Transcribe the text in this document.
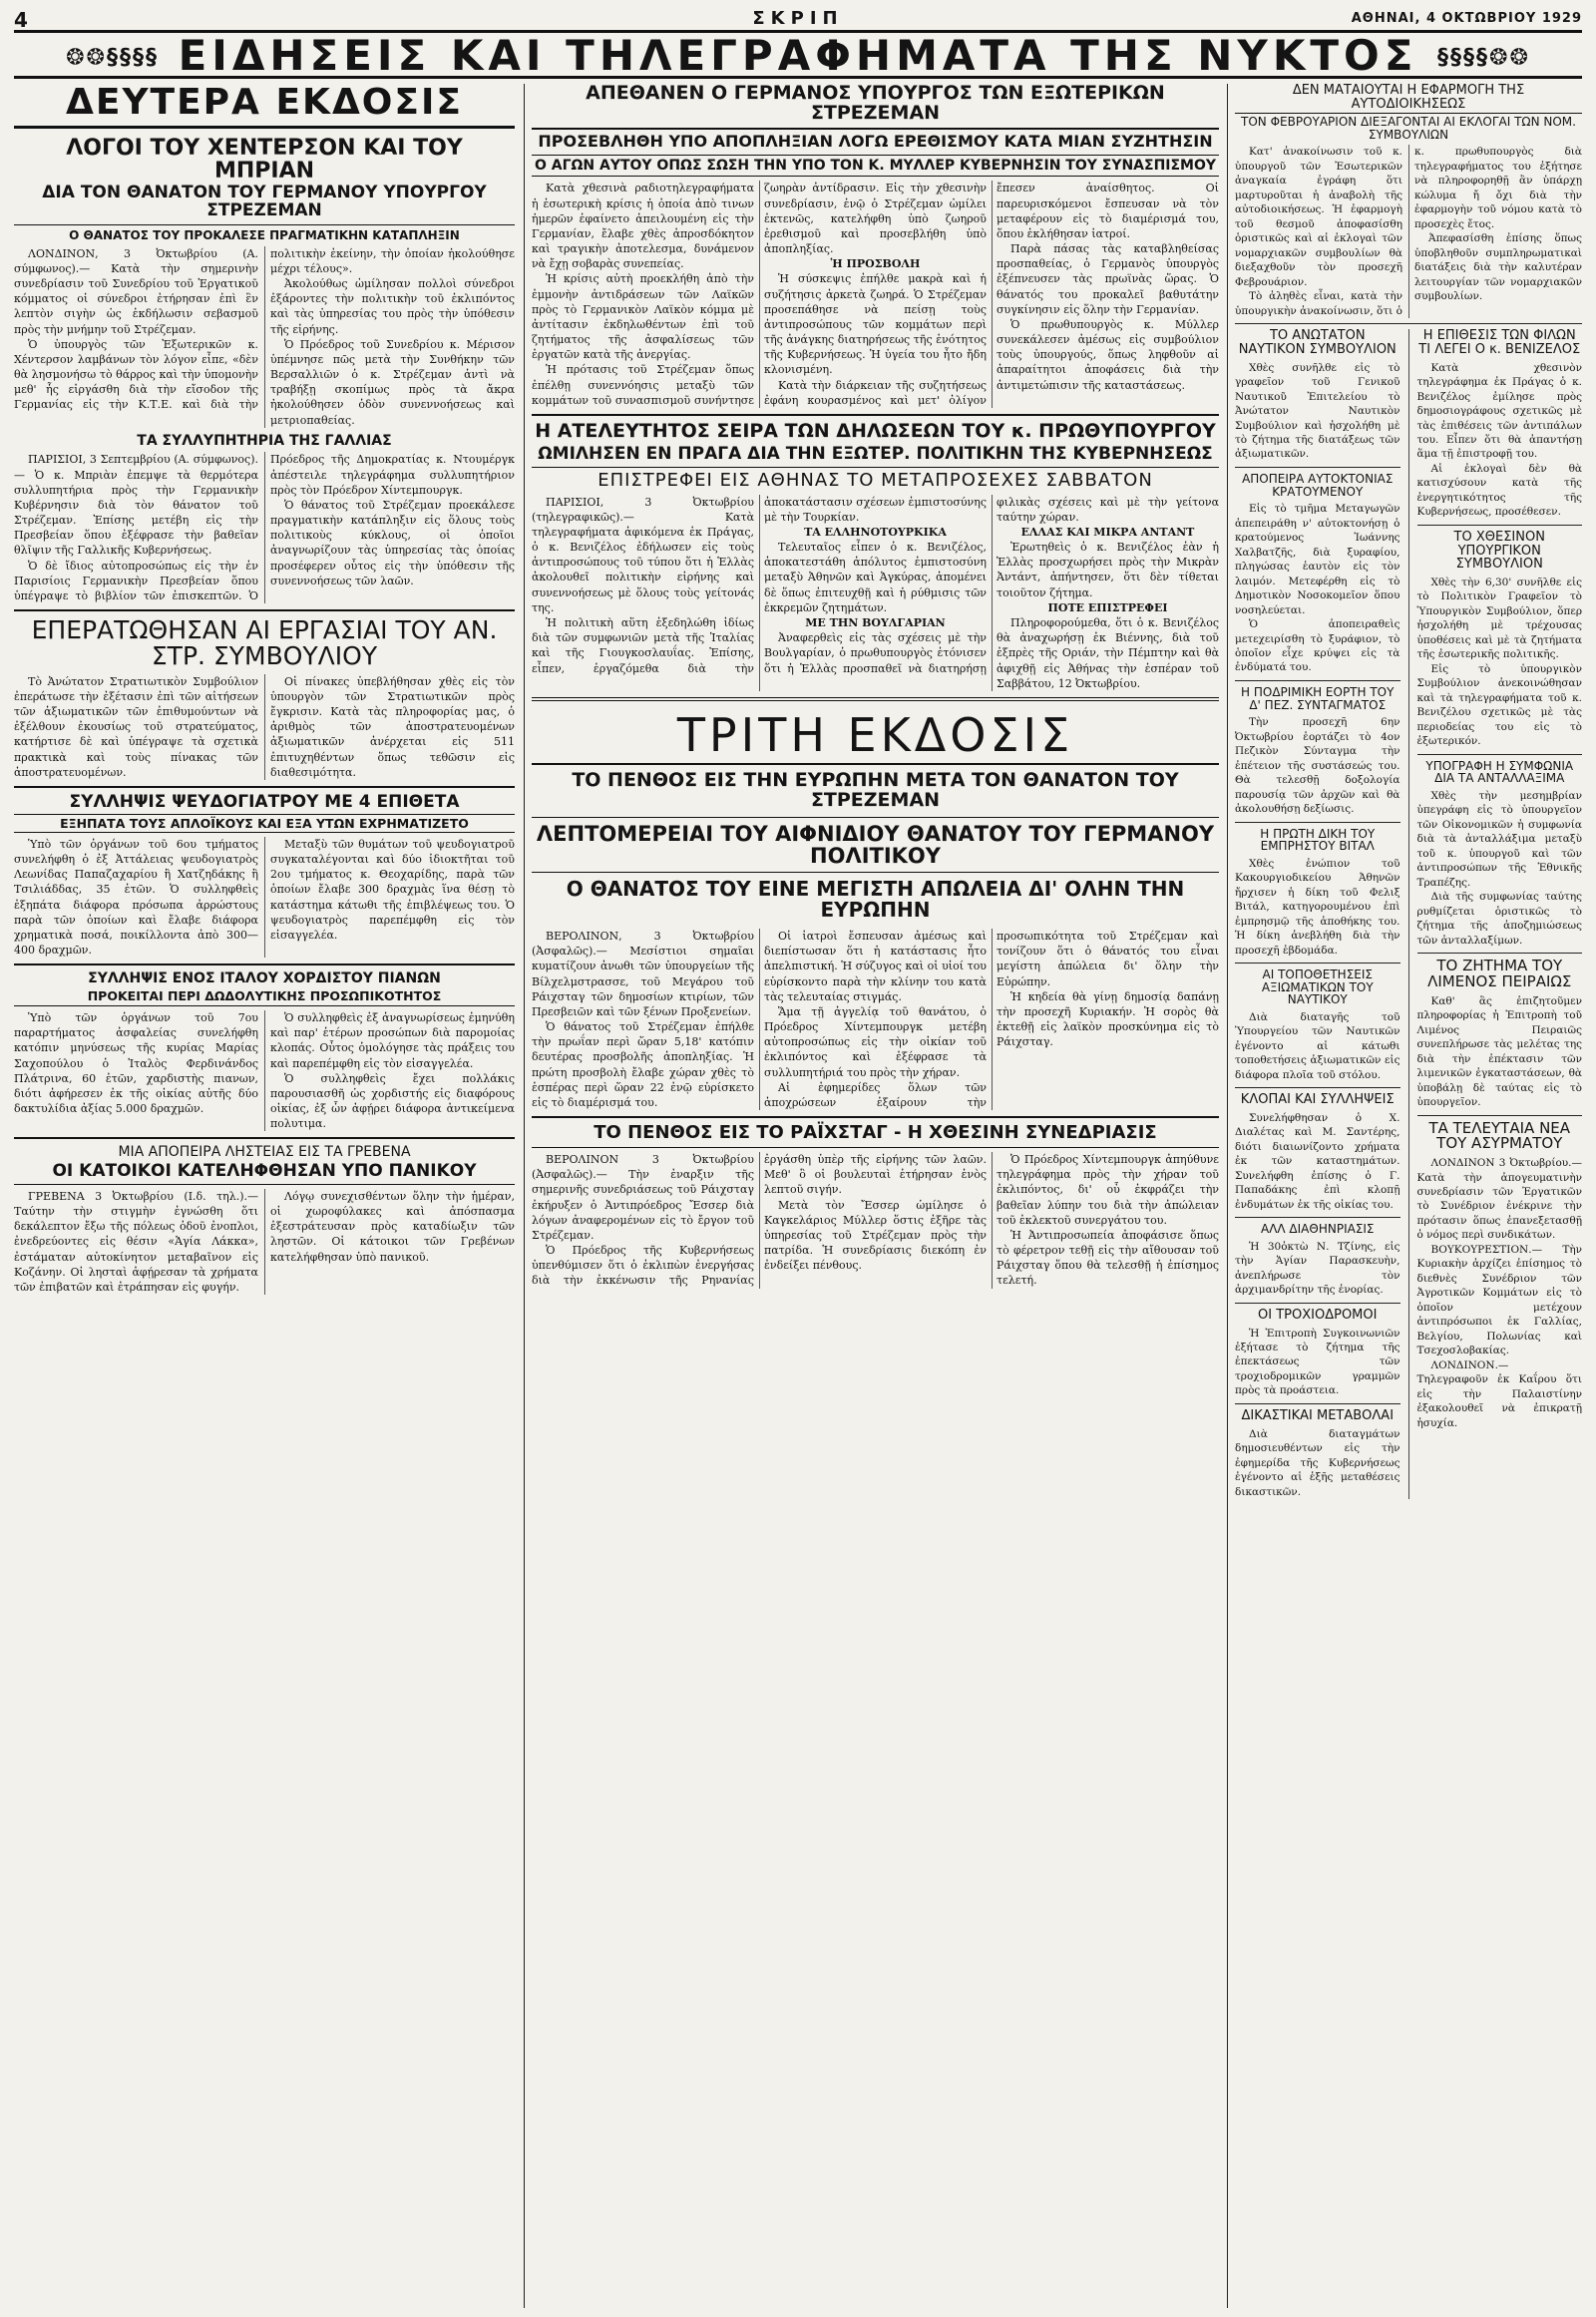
4	ΣΚΡΙΠ	ΑΘΗΝΑΙ, 4 ΟΚΤΩΒΡΙΟΥ 1929
❂❂§§§§ ΕΙΔΗΣΕΙΣ ΚΑΙ ΤΗΛΕΓΡΑΦΗΜΑΤΑ ΤΗΣ ΝΥΚΤΟΣ §§§§❂❂
ΔΕΥΤΕΡΑ ΕΚΔΟΣΙΣ
ΛΟΓΟΙ ΤΟΥ ΧΕΝΤΕΡΣΟΝ ΚΑΙ ΤΟΥ ΜΠΡΙΑΝ
ΔΙΑ ΤΟΝ ΘΑΝΑΤΟΝ ΤΟΥ ΓΕΡΜΑΝΟΥ ΥΠΟΥΡΓΟΥ ΣΤΡΕΖΕΜΑΝ
Ο ΘΑΝΑΤΟΣ ΤΟΥ ΠΡΟΚΑΛΕΣΕ ΠΡΑΓΜΑΤΙΚΗΝ ΚΑΤΑΠΛΗΞΙΝ

ΛΟΝΔΙΝΟΝ, 3 Ὀκτωβρίου (Α. σύμφωνος).— Κατὰ τὴν σημερινὴν συνεδρίασιν τοῦ Συνεδρίου τοῦ Ἐργατικοῦ κόμματος οἱ σύνεδροι ἐτήρησαν ἐπὶ ἓν λεπτὸν σιγὴν ὡς ἐκδήλωσιν σεβασμοῦ πρὸς τὴν μνήμην τοῦ Στρέζεμαν.

Ὁ ὑπουργὸς τῶν Ἐξωτερικῶν κ. Χέντερσον λαμβάνων τὸν λόγον εἶπε, «δὲν θὰ λησμονήσω τὸ θάρρος καὶ τὴν ὑπομονὴν μεθ' ἧς εἰργάσθη διὰ τὴν εἴσοδον τῆς Γερμανίας εἰς τὴν Κ.Τ.Ε. καὶ διὰ τὴν πολιτικὴν ἐκείνην, τὴν ὁποίαν ἠκολούθησε μέχρι τέλους».

Ἀκολούθως ὡμίλησαν πολλοὶ σύνεδροι ἐξάροντες τὴν πολιτικὴν τοῦ ἐκλιπόντος καὶ τὰς ὑπηρεσίας του πρὸς τὴν ὑπόθεσιν τῆς εἰρήνης.

Ὁ Πρόεδρος τοῦ Συνεδρίου κ. Μέρισον ὑπέμνησε πῶς μετὰ τὴν Συνθήκην τῶν Βερσαλλιῶν ὁ κ. Στρέζεμαν ἀντὶ νὰ τραβήξῃ σκοπίμως πρὸς τὰ ἄκρα ἠκολούθησεν ὁδὸν συνεννοήσεως καὶ μετριοπαθείας.

ΤΑ ΣΥΛΛΥΠΗΤΗΡΙΑ ΤΗΣ ΓΑΛΛΙΑΣ

ΠΑΡΙΣΙΟΙ, 3 Σεπτεμβρίου (Α. σύμφωνος).— Ὁ κ. Μπριὰν ἐπεμψε τὰ θερμότερα συλλυπητήρια πρὸς τὴν Γερμανικὴν Κυβέρνησιν διὰ τὸν θάνατον τοῦ Στρέζεμαν. Ἐπίσης μετέβη εἰς τὴν Πρεσβείαν ὅπου ἐξέφρασε τὴν βαθεῖαν θλῖψιν τῆς Γαλλικῆς Κυβερνήσεως.

Ὁ δὲ ἴδιος αὐτοπροσώπως εἰς τὴν ἐν Παρισίοις Γερμανικὴν Πρεσβείαν ὅπου ὑπέγραψε τὸ βιβλίον τῶν ἐπισκεπτῶν. Ὁ Πρόεδρος τῆς Δημοκρατίας κ. Ντουμέργκ ἀπέστειλε τηλεγράφημα συλλυπητήριον πρὸς τὸν Πρόεδρον Χίντεμπουργκ.

Ὁ θάνατος τοῦ Στρέζεμαν προεκάλεσε πραγματικὴν κατάπληξιν εἰς ὅλους τοὺς πολιτικοὺς κύκλους, οἱ ὁποῖοι ἀναγνωρίζουν τὰς ὑπηρεσίας τὰς ὁποίας προσέφερεν οὗτος εἰς τὴν ὑπόθεσιν τῆς συνεννοήσεως τῶν λαῶν.

ΕΠΕΡΑΤΩΘΗΣΑΝ ΑΙ ΕΡΓΑΣΙΑΙ ΤΟΥ ΑΝ. ΣΤΡ. ΣΥΜΒΟΥΛΙΟΥ

Τὸ Ἀνώτατον Στρατιωτικὸν Συμβούλιον ἐπεράτωσε τὴν ἐξέτασιν ἐπὶ τῶν αἰτήσεων τῶν ἀξιωματικῶν τῶν ἐπιθυμούντων νὰ ἐξέλθουν ἐκουσίως τοῦ στρατεύματος, κατήρτισε δὲ καὶ ὑπέγραψε τὰ σχετικὰ πρακτικὰ καὶ τοὺς πίνακας τῶν ἀποστρατευομένων.

Οἱ πίνακες ὑπεβλήθησαν χθὲς εἰς τὸν ὑπουργὸν τῶν Στρατιωτικῶν πρὸς ἔγκρισιν. Κατὰ τὰς πληροφορίας μας, ὁ ἀριθμὸς τῶν ἀποστρατευομένων ἀξιωματικῶν ἀνέρχεται εἰς 511 ἐπιτυχηθέντων ὅπως τεθῶσιν εἰς διαθεσιμότητα.

ΣΥΛΛΗΨΙΣ ΨΕΥΔΟΓΙΑΤΡΟΥ ΜΕ 4 ΕΠΙΘΕΤΑ
ΕΞΗΠΑΤΑ ΤΟΥΣ ΑΠΛΟΪΚΟΥΣ ΚΑΙ ΕΞΑ ΥΤΩΝ ΕΧΡΗΜΑΤΙΖΕΤΟ

Ὑπὸ τῶν ὀργάνων τοῦ 6ου τμήματος συνελήφθη ὁ ἐξ Ἀττάλειας ψευδογιατρὸς Λεωνίδας Παπαζαχαρίου ἢ Χατζηδάκης ἢ Τσιλιάδδας, 35 ἐτῶν. Ὁ συλληφθεὶς ἐξηπάτα διάφορα πρόσωπα ἀρρώστους παρὰ τῶν ὁποίων καὶ ἔλαβε διάφορα χρηματικὰ ποσά, ποικίλλοντα ἀπὸ 300—400 δραχμῶν.

Μεταξὺ τῶν θυμάτων τοῦ ψευδογιατροῦ συγκαταλέγονται καὶ δύο ἰδιοκτῆται τοῦ 2ου τμήματος κ. Θεοχαρίδης, παρὰ τῶν ὁποίων ἔλαβε 300 δραχμὰς ἵνα θέσῃ τὸ κατάστημα κάτωθι τῆς ἐπιβλέψεως του. Ὁ ψευδογιατρὸς παρεπέμφθη εἰς τὸν εἰσαγγελέα.

ΣΥΛΛΗΨΙΣ ΕΝΟΣ ΙΤΑΛΟΥ ΧΟΡΔΙΣΤΟΥ ΠΙΑΝΩΝ
ΠΡΟΚΕΙΤΑΙ ΠΕΡΙ ΔΩΔΟΛΥΤΙΚΗΣ ΠΡΟΣΩΠΙΚΟΤΗΤΟΣ

Ὑπὸ τῶν ὀργάνων τοῦ 7ου παραρτήματος ἀσφαλείας συνελήφθη κατόπιν μηνύσεως τῆς κυρίας Μαρίας Σαχοπούλου ὁ Ἰταλὸς Φερδινάνδος Πλάτρινα, 60 ἐτῶν, χαρδιστὴς πιανων, διότι ἀφήρεσεν ἐκ τῆς οἰκίας αὐτῆς δύο δακτυλίδια ἀξίας 5.000 δραχμῶν.

Ὁ συλληφθεὶς ἐξ ἀναγνωρίσεως ἐμηνύθη καὶ παρ' ἑτέρων προσώπων διὰ παρομοίας κλοπάς. Οὗτος ὁμολόγησε τὰς πράξεις του καὶ παρεπέμφθη εἰς τὸν εἰσαγγελέα.

Ὁ συλληφθεὶς ἔχει πολλάκις παρουσιασθῆ ὡς χορδιστής εἰς διαφόρους οἰκίας, ἐξ ὧν ἀφῄρει διάφορα ἀντικείμενα πολυτιμα.

ΜΙΑ ΑΠΟΠΕΙΡΑ ΛΗΣΤΕΙΑΣ ΕΙΣ ΤΑ ΓΡΕΒΕΝΑ
ΟΙ ΚΑΤΟΙΚΟΙ ΚΑΤΕΛΗΦΘΗΣΑΝ ΥΠΟ ΠΑΝΙΚΟΥ

ΓΡΕΒΕΝΑ 3 Ὀκτωβρίου (Ι.δ. τηλ.).— Ταύτην τὴν στιγμὴν ἐγνώσθη ὅτι δεκάλεπτον ἔξω τῆς πόλεως ὁδοῦ ἐνοπλοι, ἐνεδρεύοντες εἰς θέσιν «Ἁγία Λάκκα», ἐστάματαν αὐτοκίνητον μεταβαῖνον εἰς Κοζάνην. Οἱ λησταὶ ἀφῄρεσαν τὰ χρήματα τῶν ἐπιβατῶν καὶ ἐτράπησαν εἰς φυγήν.

Λόγῳ συνεχισθέντων ὅλην τὴν ἡμέραν, οἱ χωροφύλακες καὶ ἀπόσπασμα ἐξεστράτευσαν πρὸς καταδίωξιν τῶν ληστῶν. Οἱ κάτοικοι τῶν Γρεβένων κατελήφθησαν ὑπὸ πανικοῦ.

ΑΠΕΘΑΝΕΝ Ο ΓΕΡΜΑΝΟΣ ΥΠΟΥΡΓΟΣ ΤΩΝ ΕΞΩΤΕΡΙΚΩΝ ΣΤΡΕΖΕΜΑΝ
ΠΡΟΣΕΒΛΗΘΗ ΥΠΟ ΑΠΟΠΛΗΞΙΑΝ ΛΟΓΩ ΕΡΕΘΙΣΜΟΥ ΚΑΤΑ ΜΙΑΝ ΣΥΖΗΤΗΣΙΝ
Ο ΑΓΩΝ ΑΥΤΟΥ ΟΠΩΣ ΣΩΣΗ ΤΗΝ ΥΠΟ ΤΟΝ Κ. ΜΥΛΛΕΡ ΚΥΒΕΡΝΗΣΙΝ ΤΟΥ ΣΥΝΑΣΠΙΣΜΟΥ

Κατὰ χθεσινὰ ραδιοτηλεγραφήματα ἡ ἐσωτερικὴ κρίσις ἡ ὁποία ἀπὸ τινων ἡμερῶν ἐφαίνετο ἀπειλουμένη εἰς τὴν Γερμανίαν, ἔλαβε χθὲς ἀπροσδόκητον καὶ τραγικὴν ἀποτελεσμα, δυνάμενον νὰ ἔχῃ σοβαρὰς συνεπείας.

Ἡ κρίσις αὐτὴ προεκλήθη ἀπὸ τὴν ἐμμονὴν ἀντιδράσεων τῶν Λαϊκῶν πρὸς τὸ Γερμανικὸν Λαϊκὸν κόμμα μὲ ἀντίτασιν ἐκδηλωθέντων ἐπὶ τοῦ ζητήματος τῆς ἀσφαλίσεως τῶν ἐργατῶν κατὰ τῆς ἀνεργίας.

Ἡ πρότασις τοῦ Στρέζεμαν ὅπως ἐπέλθῃ συνεννόησις μεταξὺ τῶν κομμάτων τοῦ συνασπισμοῦ συνήντησε ζωηρὰν ἀντίδρασιν. Εἰς τὴν χθεσινὴν συνεδρίασιν, ἐνῷ ὁ Στρέζεμαν ὡμίλει ἐκτενῶς, κατελήφθη ὑπὸ ζωηροῦ ἐρεθισμοῦ καὶ προσεβλήθη ὑπὸ ἀποπληξίας.

Ἡ ΠΡΟΣΒΟΛΗ

Ἡ σύσκεψις ἐπήλθε μακρὰ καὶ ἡ συζήτησις ἀρκετὰ ζωηρά. Ὁ Στρέζεμαν προσεπάθησε νὰ πείσῃ τοὺς ἀντιπροσώπους τῶν κομμάτων περὶ τῆς ἀνάγκης διατηρήσεως τῆς ἑνότητος τῆς Κυβερνήσεως. Ἡ ὑγεία του ἦτο ἤδη κλονισμένη.

Κατὰ τὴν διάρκειαν τῆς συζητήσεως ἐφάνη κουρασμένος καὶ μετ' ὀλίγον ἔπεσεν ἀναίσθητος. Οἱ παρευρισκόμενοι ἔσπευσαν νὰ τὸν μεταφέρουν εἰς τὸ διαμέρισμά του, ὅπου ἐκλήθησαν ἰατροί.

Παρὰ πάσας τὰς καταβληθείσας προσπαθείας, ὁ Γερμανὸς ὑπουργὸς ἐξέπνευσεν τὰς πρωϊνὰς ὥρας. Ὁ θάνατός του προκαλεῖ βαθυτάτην συγκίνησιν εἰς ὅλην τὴν Γερμανίαν.

Ὁ πρωθυπουργὸς κ. Μύλλερ συνεκάλεσεν ἀμέσως εἰς συμβούλιον τοὺς ὑπουργούς, ὅπως ληφθοῦν αἱ ἀπαραίτητοι ἀποφάσεις διὰ τὴν ἀντιμετώπισιν τῆς καταστάσεως.

Η ΑΤΕΛΕΥΤΗΤΟΣ ΣΕΙΡΑ ΤΩΝ ΔΗΛΩΣΕΩΝ ΤΟΥ κ. ΠΡΩΘΥΠΟΥΡΓΟΥ
ΩΜΙΛΗΣΕΝ ΕΝ ΠΡΑΓΑ ΔΙΑ ΤΗΝ ΕΞΩΤΕΡ. ΠΟΛΙΤΙΚΗΝ ΤΗΣ ΚΥΒΕΡΝΗΣΕΩΣ
ΕΠΙΣΤΡΕΦΕΙ ΕΙΣ ΑΘΗΝΑΣ ΤΟ ΜΕΤΑΠΡΟΣΕΧΕΣ ΣΑΒΒΑΤΟΝ

ΠΑΡΙΣΙΟΙ, 3 Ὀκτωβρίου (τηλεγραφικῶς).— Κατὰ τηλεγραφήματα ἀφικόμενα ἐκ Πράγας, ὁ κ. Βενιζέλος ἐδήλωσεν εἰς τοὺς ἀντιπροσώπους τοῦ τύπου ὅτι ἡ Ἑλλὰς ἀκολουθεῖ πολιτικὴν εἰρήνης καὶ συνεννοήσεως μὲ ὅλους τοὺς γείτονάς της.

Ἡ πολιτικὴ αὕτη ἐξεδηλώθη ἰδίως διὰ τῶν συμφωνιῶν μετὰ τῆς Ἰταλίας καὶ τῆς Γιουγκοσλαυΐας. Ἐπίσης, εἶπεν, ἐργαζόμεθα διὰ τὴν ἀποκατάστασιν σχέσεων ἐμπιστοσύνης μὲ τὴν Τουρκίαν.

ΤΑ ΕΛΛΗΝΟΤΟΥΡΚΙΚΑ

Τελευταῖος εἶπεν ὁ κ. Βενιζέλος, ἀποκατεστάθη ἀπόλυτος ἐμπιστοσύνη μεταξὺ Ἀθηνῶν καὶ Ἀγκύρας, ἀπομένει δὲ ὅπως ἐπιτευχθῇ καὶ ἡ ρύθμισις τῶν ἐκκρεμῶν ζητημάτων.

ΜΕ ΤΗΝ ΒΟΥΛΓΑΡΙΑΝ

Ἀναφερθεὶς εἰς τὰς σχέσεις μὲ τὴν Βουλγαρίαν, ὁ πρωθυπουργὸς ἐτόνισεν ὅτι ἡ Ἑλλὰς προσπαθεῖ νὰ διατηρήσῃ φιλικὰς σχέσεις καὶ μὲ τὴν γείτονα ταύτην χώραν.

ΕΛΛΑΣ ΚΑΙ ΜΙΚΡΑ ΑΝΤΑΝΤ

Ἐρωτηθεὶς ὁ κ. Βενιζέλος ἐὰν ἡ Ἑλλὰς προσχωρήσει πρὸς τὴν Μικρὰν Ἀντάντ, ἀπήντησεν, ὅτι δὲν τίθεται τοιοῦτον ζήτημα.

ΠΟΤΕ ΕΠΙΣΤΡΕΦΕΙ

Πληροφορούμεθα, ὅτι ὁ κ. Βενιζέλος θὰ ἀναχωρήσῃ ἐκ Βιέννης, διὰ τοῦ ἐξπρὲς τῆς Οριάν, τὴν Πέμπτην καὶ θὰ ἀφιχθῇ εἰς Ἀθήνας τὴν ἑσπέραν τοῦ Σαββάτου, 12 Ὀκτωβρίου.

ΤΡΙΤΗ ΕΚΔΟΣΙΣ
ΤΟ ΠΕΝΘΟΣ ΕΙΣ ΤΗΝ ΕΥΡΩΠΗΝ ΜΕΤΑ ΤΟΝ ΘΑΝΑΤΟΝ ΤΟΥ ΣΤΡΕΖΕΜΑΝ
ΛΕΠΤΟΜΕΡΕΙΑΙ ΤΟΥ ΑΙΦΝΙΔΙΟΥ ΘΑΝΑΤΟΥ ΤΟΥ ΓΕΡΜΑΝΟΥ ΠΟΛΙΤΙΚΟΥ
Ο ΘΑΝΑΤΟΣ ΤΟΥ ΕΙΝΕ ΜΕΓΙΣΤΗ ΑΠΩΛΕΙΑ ΔΙ' ΟΛΗΝ ΤΗΝ ΕΥΡΩΠΗΝ

ΒΕΡΟΛΙΝΟΝ, 3 Ὀκτωβρίου (Ἀσφαλῶς).— Μεσίστιοι σημαῖαι κυματίζουν ἀνωθι τῶν ὑπουργείων τῆς Βίλχελμστρασσε, τοῦ Μεγάρου τοῦ Ράιχσταγ τῶν δημοσίων κτιρίων, τῶν Πρεσβειῶν καὶ τῶν ξένων Προξενείων.

Ὁ θάνατος τοῦ Στρέζεμαν ἐπήλθε τὴν πρωΐαν περὶ ὥραν 5,18' κατόπιν δευτέρας προσβολῆς ἀποπληξίας. Ἡ πρώτη προσβολὴ ἔλαβε χώραν χθὲς τὸ ἑσπέρας περὶ ὥραν 22 ἐνῷ εὑρίσκετο εἰς τὸ διαμέρισμά του.

Οἱ ἰατροὶ ἔσπευσαν ἀμέσως καὶ διεπίστωσαν ὅτι ἡ κατάστασις ἦτο ἀπελπιστική. Ἡ σύζυγος καὶ οἱ υἱοί του εὑρίσκοντο παρὰ τὴν κλίνην του κατὰ τὰς τελευταίας στιγμάς.

Ἅμα τῇ ἀγγελίᾳ τοῦ θανάτου, ὁ Πρόεδρος Χίντεμπουργκ μετέβη αὐτοπροσώπως εἰς τὴν οἰκίαν τοῦ ἐκλιπόντος καὶ ἐξέφρασε τὰ συλλυπητήριά του πρὸς τὴν χήραν.

Αἱ ἐφημερίδες ὅλων τῶν ἀποχρώσεων ἐξαίρουν τὴν προσωπικότητα τοῦ Στρέζεμαν καὶ τονίζουν ὅτι ὁ θάνατός του εἶναι μεγίστη ἀπώλεια δι' ὅλην τὴν Εὐρώπην.

Ἡ κηδεία θὰ γίνῃ δημοσίᾳ δαπάνῃ τὴν προσεχῆ Κυριακήν. Ἡ σορὸς θὰ ἐκτεθῇ εἰς λαϊκὸν προσκύνημα εἰς τὸ Ράιχσταγ.

ΤΟ ΠΕΝΘΟΣ ΕΙΣ ΤΟ ΡΑΪΧΣΤΑΓ - Η ΧΘΕΣΙΝΗ ΣΥΝΕΔΡΙΑΣΙΣ

ΒΕΡΟΛΙΝΟΝ 3 Ὀκτωβρίου (Ἀσφαλῶς).— Τὴν ἐναρξιν τῆς σημερινῆς συνεδριάσεως τοῦ Ράιχσταγ ἐκήρυξεν ὁ Ἀντιπρόεδρος Ἔσσερ διὰ λόγων ἀναφερομένων εἰς τὸ ἔργον τοῦ Στρέζεμαν.

Ὁ Πρόεδρος τῆς Κυβερνήσεως ὑπενθύμισεν ὅτι ὁ ἐκλιπὼν ἐνεργήσας διὰ τὴν ἐκκένωσιν τῆς Ρηνανίας ἐργάσθη ὑπὲρ τῆς εἰρήνης τῶν λαῶν. Μεθ' ὃ οἱ βουλευταὶ ἐτήρησαν ἑνὸς λεπτοῦ σιγήν.

Μετὰ τὸν Ἔσσερ ὡμίλησε ὁ Καγκελάριος Μύλλερ ὅστις ἐξῆρε τὰς ὑπηρεσίας τοῦ Στρέζεμαν πρὸς τὴν πατρίδα. Ἡ συνεδρίασις διεκόπη ἐν ἐνδείξει πένθους.

Ὁ Πρόεδρος Χίντεμπουργκ ἀπηύθυνε τηλεγράφημα πρὸς τὴν χήραν τοῦ ἐκλιπόντος, δι' οὗ ἐκφράζει τὴν βαθεῖαν λύπην του διὰ τὴν ἀπώλειαν τοῦ ἐκλεκτοῦ συνεργάτου του.

Ἡ Ἀντιπροσωπεία ἀποφάσισε ὅπως τὸ φέρετρον τεθῇ εἰς τὴν αἴθουσαν τοῦ Ράιχσταγ ὅπου θὰ τελεσθῇ ἡ ἐπίσημος τελετή.

ΔΕΝ ΜΑΤΑΙΟΥΤΑΙ Η ΕΦΑΡΜΟΓΗ ΤΗΣ ΑΥΤΟΔΙΟΙΚΗΣΕΩΣ
ΤΟΝ ΦΕΒΡΟΥΑΡΙΟΝ ΔΙΕΞΑΓΟΝΤΑΙ ΑΙ ΕΚΛΟΓΑΙ ΤΩΝ ΝΟΜ. ΣΥΜΒΟΥΛΙΩΝ

Κατ' ἀνακοίνωσιν τοῦ κ. ὑπουργοῦ τῶν Ἐσωτερικῶν ἀναγκαία ἐγράφη ὅτι μαρτυροῦται ἡ ἀναβολὴ τῆς αὐτοδιοικήσεως. Ἡ ἐφαρμογὴ τοῦ θεσμοῦ ἀποφασίσθη ὁριστικῶς καὶ αἱ ἐκλογαὶ τῶν νομαρχιακῶν συμβουλίων θὰ διεξαχθοῦν τὸν προσεχῆ Φεβρουάριον.

Τὸ ἀληθὲς εἶναι, κατὰ τὴν ὑπουργικὴν ἀνακοίνωσιν, ὅτι ὁ κ. πρωθυπουργὸς διὰ τηλεγραφήματος του ἐξήτησε νὰ πληροφορηθῇ ἂν ὑπάρχῃ κώλυμα ἤ ὄχι διὰ τὴν ἐφαρμογὴν τοῦ νόμου κατὰ τὸ προσεχὲς ἔτος.

Ἀπεφασίσθη ἐπίσης ὅπως ὑποβληθοῦν συμπληρωματικαὶ διατάξεις διὰ τὴν καλυτέραν λειτουργίαν τῶν νομαρχιακῶν συμβουλίων.

ΤΟ ΑΝΩΤΑΤΟΝ ΝΑΥΤΙΚΟΝ ΣΥΜΒΟΥΛΙΟΝ

Χθὲς συνῆλθε εἰς τὸ γραφεῖον τοῦ Γενικοῦ Ναυτικοῦ Ἐπιτελείου τὸ Ἀνώτατον Ναυτικὸν Συμβούλιον καὶ ἠσχολήθη μὲ τὸ ζήτημα τῆς διατάξεως τῶν ἀξιωματικῶν.

ΑΠΟΠΕΙΡΑ ΑΥΤΟΚΤΟΝΙΑΣ ΚΡΑΤΟΥΜΕΝΟΥ

Εἰς τὸ τμῆμα Μεταγωγῶν ἀπεπειράθη ν' αὐτοκτονήσῃ ὁ κρατούμενος Ἰωάννης Χαλβατζῆς, διὰ ξυραφίου, πληγώσας ἑαυτὸν εἰς τὸν λαιμόν. Μετεφέρθη εἰς τὸ Δημοτικὸν Νοσοκομεῖον ὅπου νοσηλεύεται.

Ὁ ἀποπειραθεὶς μετεχειρίσθη τὸ ξυράφιον, τὸ ὁποῖον εἶχε κρύψει εἰς τὰ ἐνδύματά του.

Η ΠΟΔΡΙΜΙΚΗ ΕΟΡΤΗ ΤΟΥ Δ' ΠΕΖ. ΣΥΝΤΑΓΜΑΤΟΣ

Τὴν προσεχῆ 6ην Ὀκτωβρίου ἑορτάζει τὸ 4ον Πεζικὸν Σύνταγμα τὴν ἐπέτειον τῆς συστάσεώς του. Θὰ τελεσθῇ δοξολογία παρουσίᾳ τῶν ἀρχῶν καὶ θὰ ἀκολουθήσῃ δεξίωσις.

Η ΠΡΩΤΗ ΔΙΚΗ ΤΟΥ ΕΜΠΡΗΣΤΟΥ ΒΙΤΑΛ

Χθὲς ἐνώπιον τοῦ Κακουργιοδικείου Ἀθηνῶν ἤρχισεν ἡ δίκη τοῦ Φελιξ Βιτάλ, κατηγορουμένου ἐπὶ ἐμπρησμῷ τῆς ἀποθήκης του. Ἡ δίκη ἀνεβλήθη διὰ τὴν προσεχῆ ἑβδομάδα.

ΑΙ ΤΟΠΟΘΕΤΗΣΕΙΣ ΑΞΙΩΜΑΤΙΚΩΝ ΤΟΥ ΝΑΥΤΙΚΟΥ

Διὰ διαταγῆς τοῦ Ὑπουργείου τῶν Ναυτικῶν ἐγένοντο αἱ κάτωθι τοποθετήσεις ἀξιωματικῶν εἰς διάφορα πλοῖα τοῦ στόλου.

ΚΛΟΠΑΙ ΚΑΙ ΣΥΛΛΗΨΕΙΣ

Συνελήφθησαν ὁ Χ. Διαλέτας καὶ Μ. Σαντέρης, διότι διαιωνίζοντο χρήματα ἐκ τῶν καταστημάτων. Συνελήφθη ἐπίσης ὁ Γ. Παπαδάκης ἐπὶ κλοπῇ ἐνδυμάτων ἐκ τῆς οἰκίας του.

ΑΛΛ ΔΙΑΘΗΝΡΙΑΣΙΣ

Ἡ 30ὀκτὼ Ν. Τζίνης, εἰς τὴν Ἁγίαν Παρασκευὴν, ἀνεπλήρωσε τὸν ἀρχιμανδρίτην τῆς ἐνορίας.

ΟΙ ΤΡΟΧΙΟΔΡΟΜΟΙ

Ἡ Ἐπιτροπὴ Συγκοινωνιῶν ἐξήτασε τὸ ζήτημα τῆς ἐπεκτάσεως τῶν τροχιοδρομικῶν γραμμῶν πρὸς τὰ προάστεια.

ΔΙΚΑΣΤΙΚΑΙ ΜΕΤΑΒΟΛΑΙ

Διὰ διαταγμάτων δημοσιευθέντων εἰς τὴν ἐφημερίδα τῆς Κυβερνήσεως ἐγένοντο αἱ ἑξῆς μεταθέσεις δικαστικῶν.

Η ΕΠΙΘΕΣΙΣ ΤΩΝ ΦΙΛΩΝ ΤΙ ΛΕΓΕΙ Ο κ. ΒΕΝΙΖΕΛΟΣ

Κατὰ χθεσινὸν τηλεγράφημα ἐκ Πράγας ὁ κ. Βενιζέλος ἐμίλησε πρὸς δημοσιογράφους σχετικῶς μὲ τὰς ἐπιθέσεις τῶν ἀντιπάλων του. Εἶπεν ὅτι θὰ ἀπαντήσῃ ἅμα τῇ ἐπιστροφῇ του.

Αἱ ἐκλογαὶ δὲν θὰ κατισχύσουν κατὰ τῆς ἐνεργητικότητος τῆς Κυβερνήσεως, προσέθεσεν.

ΤΟ ΧΘΕΣΙΝΟΝ ΥΠΟΥΡΓΙΚΟΝ ΣΥΜΒΟΥΛΙΟΝ

Χθὲς τὴν 6,30' συνῆλθε εἰς τὸ Πολιτικὸν Γραφεῖον τὸ Ὑπουργικὸν Συμβούλιον, ὅπερ ἠσχολήθη μὲ τρέχουσας ὑποθέσεις καὶ μὲ τὰ ζητήματα τῆς ἐσωτερικῆς πολιτικῆς.

Εἰς τὸ ὑπουργικὸν Συμβούλιον ἀνεκοινώθησαν καὶ τὰ τηλεγραφήματα τοῦ κ. Βενιζέλου σχετικῶς μὲ τὰς περιοδείας του εἰς τὸ ἐξωτερικόν.

ΥΠΟΓΡΑΦΗ Η ΣΥΜΦΩΝΙΑ ΔΙΑ ΤΑ ΑΝΤΑΛΛΑΞΙΜΑ

Χθὲς τὴν μεσημβρίαν ὑπεγράφη εἰς τὸ ὑπουργεῖον τῶν Οἰκονομικῶν ἡ συμφωνία διὰ τὰ ἀνταλλάξιμα μεταξὺ τοῦ κ. ὑπουργοῦ καὶ τῶν ἀντιπροσώπων τῆς Ἐθνικῆς Τραπέζης.

Διὰ τῆς συμφωνίας ταύτης ρυθμίζεται ὁριστικῶς τὸ ζήτημα τῆς ἀποζημιώσεως τῶν ἀνταλλαξίμων.

ΤΟ ΖΗΤΗΜΑ ΤΟΥ ΛΙΜΕΝΟΣ ΠΕΙΡΑΙΩΣ

Καθ' ἃς ἐπιζητοῦμεν πληροφορίας ἡ Ἐπιτροπὴ τοῦ Λιμένος Πειραιῶς συνεπλήρωσε τὰς μελέτας της διὰ τὴν ἐπέκτασιν τῶν λιμενικῶν ἐγκαταστάσεων, θὰ ὑποβάλῃ δὲ ταύτας εἰς τὸ ὑπουργεῖον.

ΤΑ ΤΕΛΕΥΤΑΙΑ ΝΕΑ ΤΟΥ ΑΣΥΡΜΑΤΟΥ

ΛΟΝΔΙΝΟΝ 3 Ὀκτωβρίου.— Κατὰ τὴν ἀπογευματινὴν συνεδρίασιν τῶν Ἐργατικῶν τὸ Συνέδριον ἐνέκρινε τὴν πρότασιν ὅπως ἐπανεξετασθῇ ὁ νόμος περὶ συνδικάτων.

ΒΟΥΚΟΥΡΕΣΤΙΟΝ.— Τὴν Κυριακὴν ἀρχίζει ἐπίσημος τὸ διεθνὲς Συνέδριον τῶν Ἀγροτικῶν Κομμάτων εἰς τὸ ὁποῖον μετέχουν ἀντιπρόσωποι ἐκ Γαλλίας, Βελγίου, Πολωνίας καὶ Τσεχοσλοβακίας.

ΛΟΝΔΙΝΟΝ.— Τηλεγραφοῦν ἐκ Καΐρου ὅτι εἰς τὴν Παλαιστίνην ἐξακολουθεῖ νὰ ἐπικρατῇ ἡσυχία.
